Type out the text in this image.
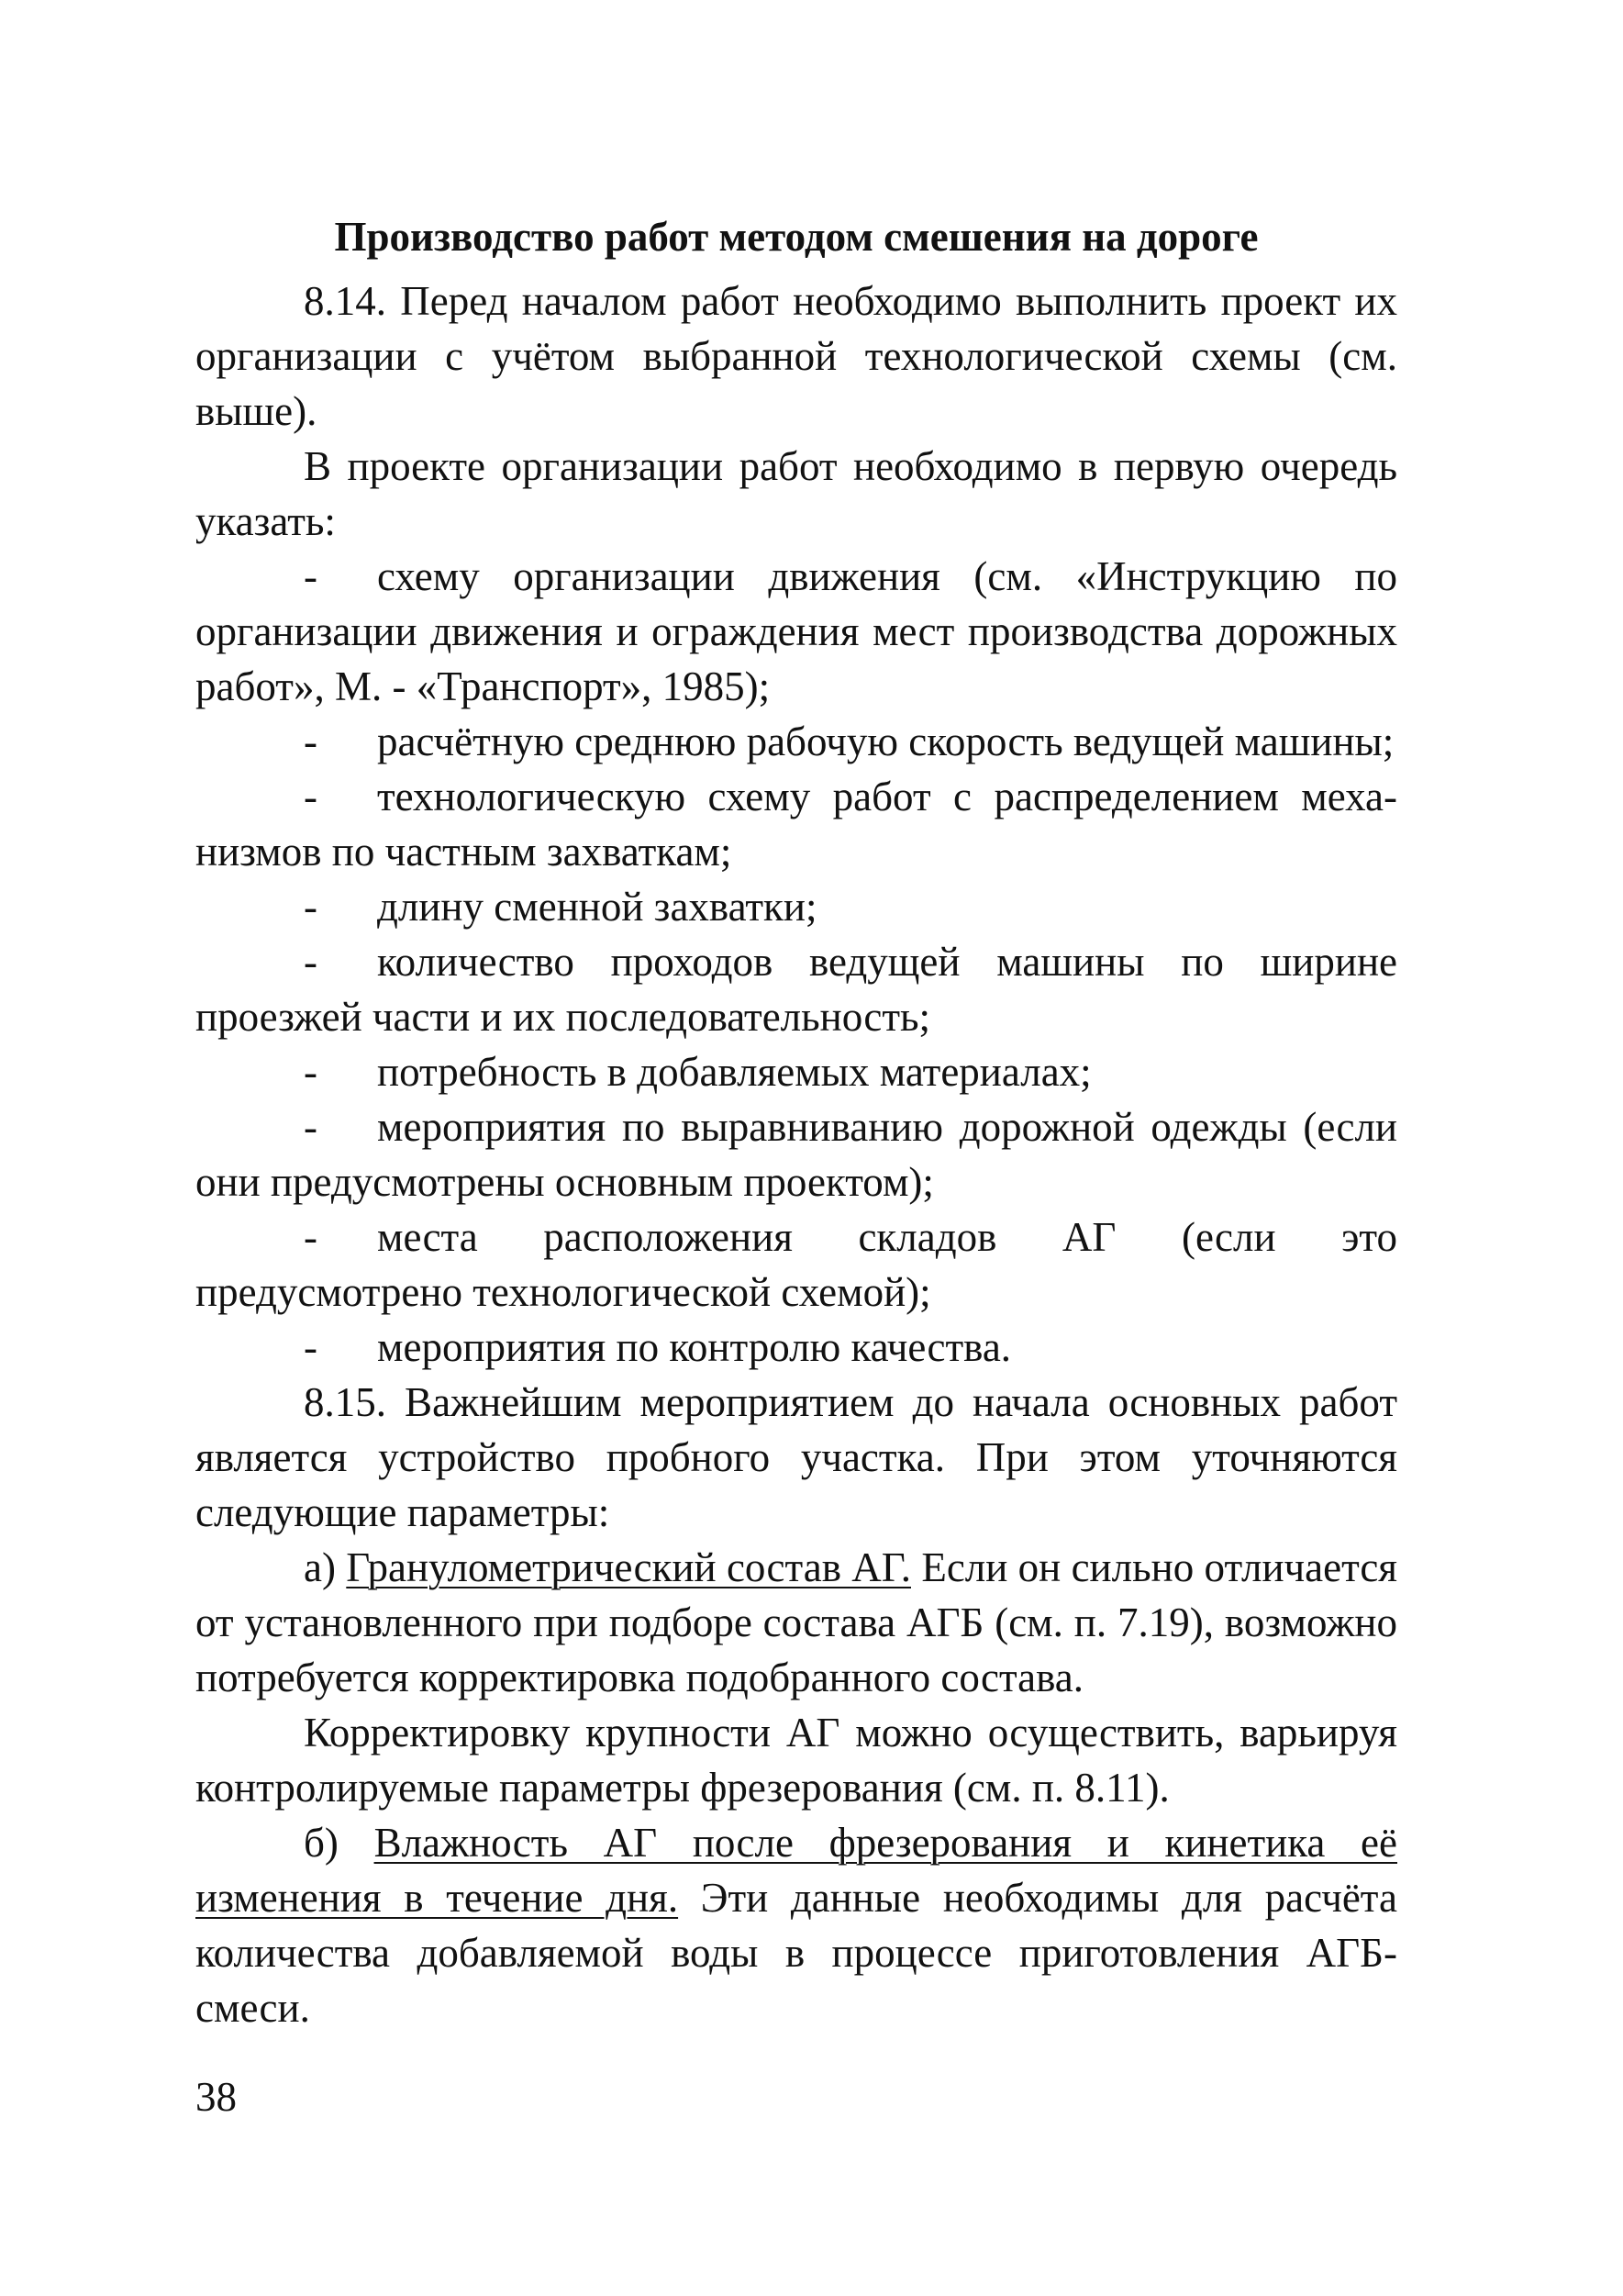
Производство работ методом смешения на дороге

8.14. Перед началом работ необходимо выполнить проект их организации с учётом выбранной технологической схемы (см. выше).

В проекте организации работ необходимо в первую очередь указать:

- схему организации движения (см. «Инструкцию по организации движения и ограждения мест производства дорожных работ», М. - «Транспорт», 1985);
- расчётную среднюю рабочую скорость ведущей машины;
- технологическую схему работ с распределением механизмов по частным захваткам;
- длину сменной захватки;
- количество проходов ведущей машины по ширине проезжей части и их последовательность;
- потребность в добавляемых материалах;
- мероприятия по выравниванию дорожной одежды (если они предусмотрены основным проектом);
- места расположения складов АГ (если это предусмотрено технологической схемой);
- мероприятия по контролю качества.

8.15. Важнейшим мероприятием до начала основных работ является устройство пробного участка. При этом уточняются следующие параметры:

а) Гранулометрический состав АГ. Если он сильно отличается от установленного при подборе состава АГБ (см. п. 7.19), возможно потребуется корректировка подобранного состава.

Корректировку крупности АГ можно осуществить, варьируя контролируемые параметры фрезерования (см. п. 8.11).

б) Влажность АГ после фрезерования и кинетика её изменения в течение дня. Эти данные необходимы для расчёта количества добавляемой воды в процессе приготовления АГБ-смеси.

38
